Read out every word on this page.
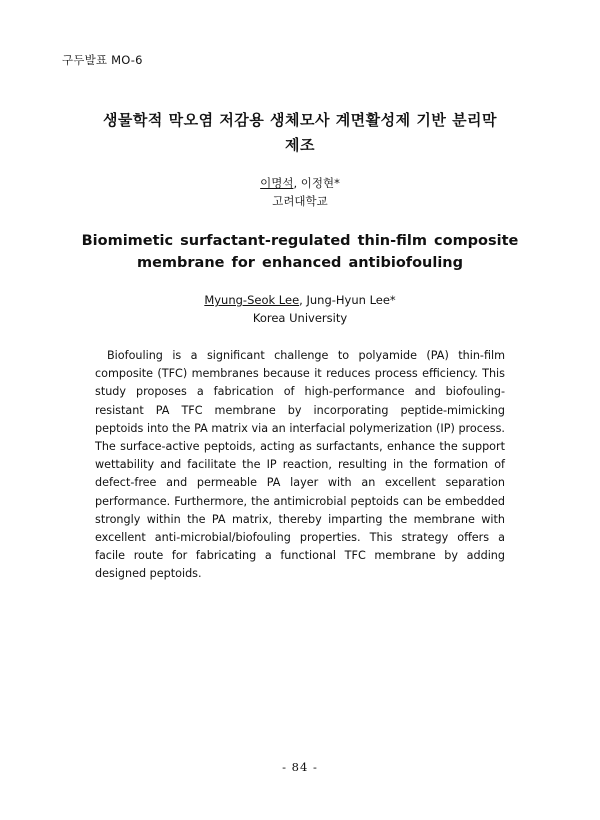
구두발표 MO-6
생물학적 막오염 저감용 생체모사 계면활성제 기반 분리막
제조
이명석, 이정현*
고려대학교
Biomimetic surfactant-regulated thin-film composite
membrane for enhanced antibiofouling
Myung-Seok Lee, Jung-Hyun Lee*
Korea University

Biofouling is a significant challenge to polyamide (PA) thin-film composite (TFC) membranes because it reduces process efficiency. This study proposes a fabrication of high-performance and biofouling-resistant PA TFC membrane by incorporating peptide-mimicking peptoids into the PA matrix via an interfacial polymerization (IP) process. The surface-active peptoids, acting as surfactants, enhance the support wettability and facilitate the IP reaction, resulting in the formation of defect-free and permeable PA layer with an excellent separation performance. Furthermore, the antimicrobial peptoids can be embedded strongly within the PA matrix, thereby imparting the membrane with excellent anti-microbial/biofouling properties. This strategy offers a facile route for fabricating a functional TFC membrane by adding designed peptoids.

- 84 -
